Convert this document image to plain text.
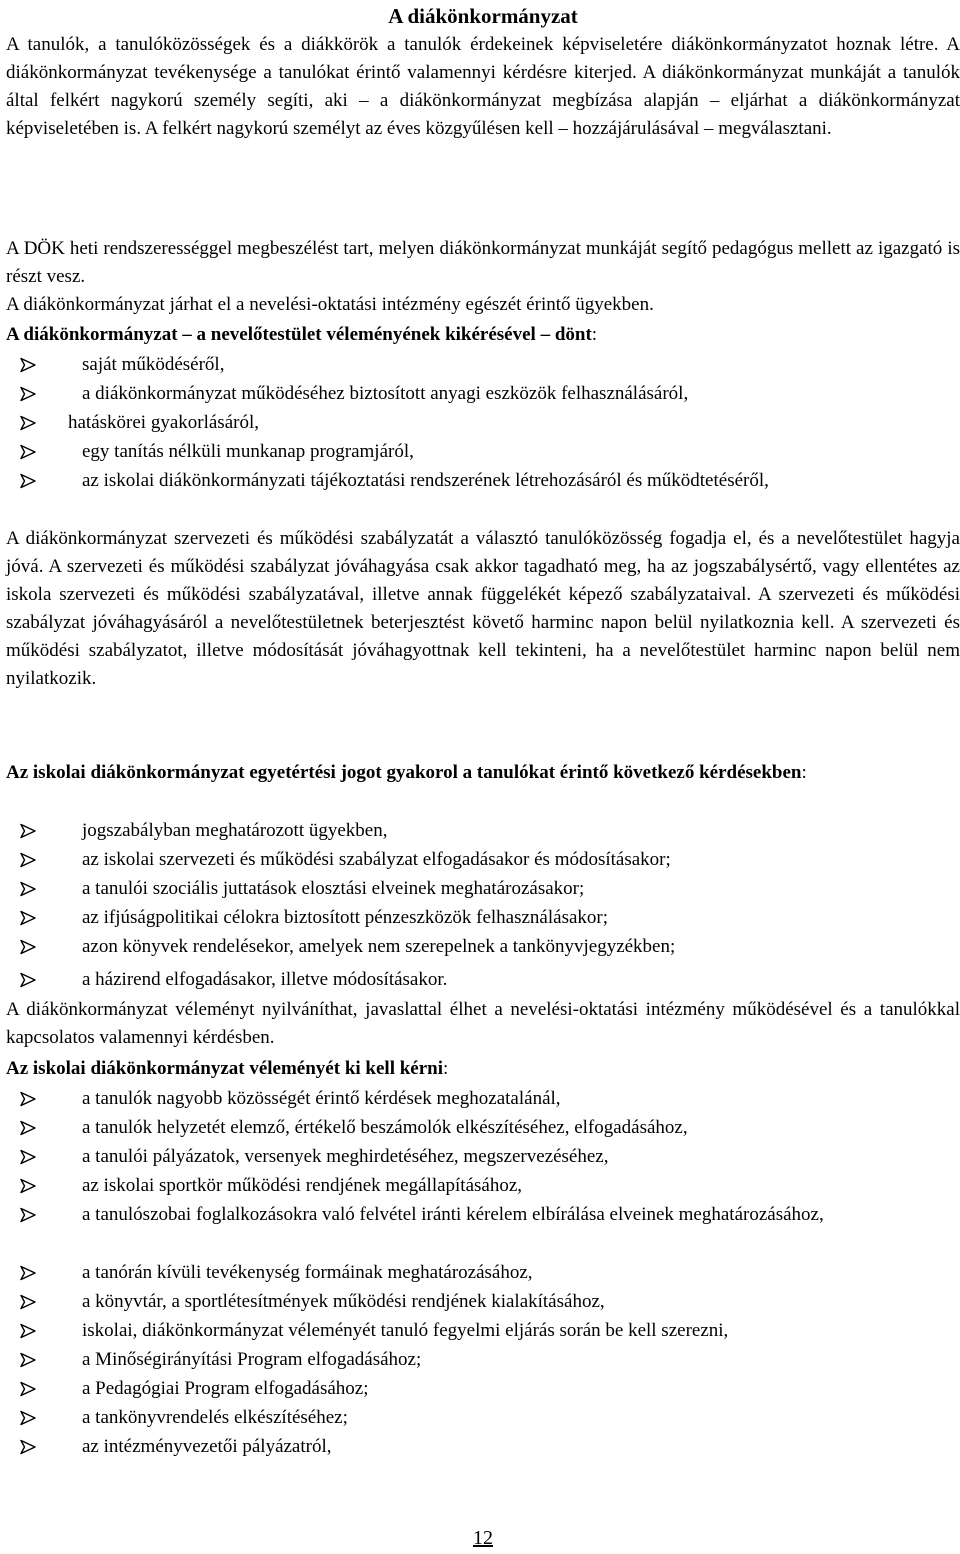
A diákönkormányzat
A tanulók, a tanulóközösségek és a diákkörök a tanulók érdekeinek képviseletére diákönkormányzatot hoznak létre. A diákönkormányzat tevékenysége a tanulókat érintő valamennyi kérdésre kiterjed. A diákönkormányzat munkáját a tanulók által felkért nagykorú személy segíti, aki – a diákönkormányzat megbízása alapján – eljárhat a diákönkormányzat képviseletében is. A felkért nagykorú személyt az éves közgyűlésen kell – hozzájárulásával – megválasztani.
A DÖK heti rendszerességgel megbeszélést tart, melyen diákönkormányzat munkáját segítő pedagógus mellett az igazgató is részt vesz.
A diákönkormányzat járhat el a nevelési-oktatási intézmény egészét érintő ügyekben.
A diákönkormányzat – a nevelőtestület véleményének kikérésével – dönt:
saját működéséről,
a diákönkormányzat működéséhez biztosított anyagi eszközök felhasználásáról,
hatáskörei gyakorlásáról,
egy tanítás nélküli munkanap programjáról,
az iskolai diákönkormányzati tájékoztatási rendszerének létrehozásáról és működtetéséről,
A diákönkormányzat szervezeti és működési szabályzatát a választó tanulóközösség fogadja el, és a nevelőtestület hagyja jóvá. A szervezeti és működési szabályzat jóváhagyása csak akkor tagadható meg, ha az jogszabálysértő, vagy ellentétes az iskola szervezeti és működési szabályzatával, illetve annak függelékét képező szabályzataival. A szervezeti és működési szabályzat jóváhagyásáról a nevelőtestületnek beterjesztést követő harminc napon belül nyilatkoznia kell. A szervezeti és működési szabályzatot, illetve módosítását jóváhagyottnak kell tekinteni, ha a nevelőtestület harminc napon belül nem nyilatkozik.
Az iskolai diákönkormányzat egyetértési jogot gyakorol a tanulókat érintő következő kérdésekben:
jogszabályban meghatározott ügyekben,
az iskolai szervezeti és működési szabályzat elfogadásakor és módosításakor;
a tanulói szociális juttatások elosztási elveinek meghatározásakor;
az ifjúságpolitikai célokra biztosított pénzeszközök felhasználásakor;
azon könyvek rendelésekor, amelyek nem szerepelnek a tankönyvjegyzékben;
a házirend elfogadásakor, illetve módosításakor.
A diákönkormányzat véleményt nyilváníthat, javaslattal élhet a nevelési-oktatási intézmény működésével és a tanulókkal kapcsolatos valamennyi kérdésben.
Az iskolai diákönkormányzat véleményét ki kell kérni:
a tanulók nagyobb közösségét érintő kérdések meghozatalánál,
a tanulók helyzetét elemző, értékelő beszámolók elkészítéséhez, elfogadásához,
a tanulói pályázatok, versenyek meghirdetéséhez, megszervezéséhez,
az iskolai sportkör működési rendjének megállapításához,
a tanulószobai foglalkozásokra való felvétel iránti kérelem elbírálása elveinek meghatározásához,
a tanórán kívüli tevékenység formáinak meghatározásához,
a könyvtár, a sportlétesítmények működési rendjének kialakításához,
iskolai, diákönkormányzat véleményét tanuló fegyelmi eljárás során be kell szerezni,
a Minőségirányítási Program elfogadásához;
a Pedagógiai Program elfogadásához;
a tankönyvrendelés elkészítéséhez;
az intézményvezetői pályázatról,
12
